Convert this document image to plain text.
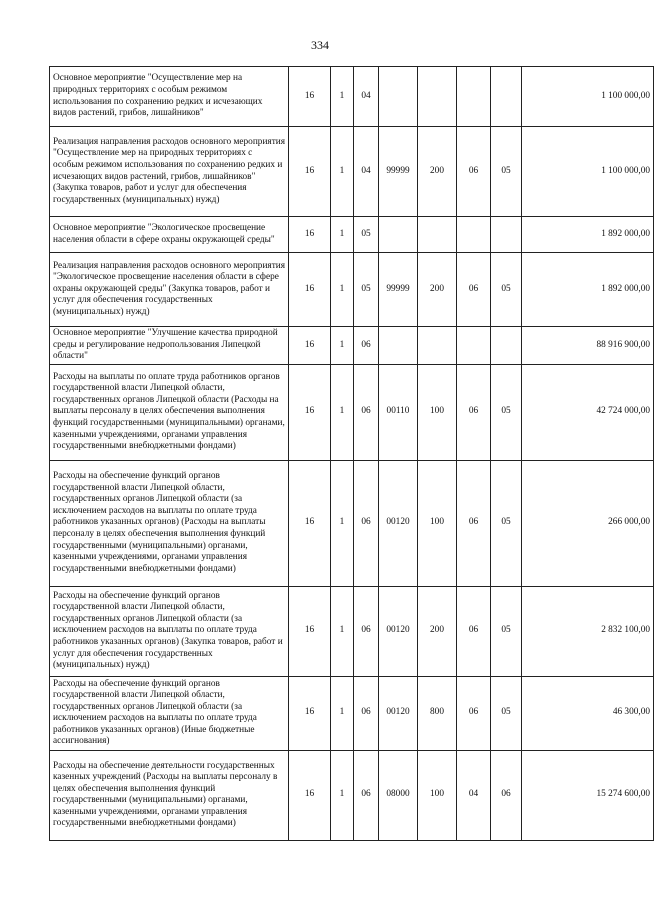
334
Основное мероприятие "Осуществление мер на природных территориях с особым режимом использования по сохранению редких и исчезающих видов растений, грибов, лишайников"	16	1	04					1 100 000,00
Реализация направления расходов основного мероприятия "Осуществление мер на природных территориях с особым режимом использования по сохранению редких и исчезающих видов растений, грибов, лишайников" (Закупка товаров, работ и услуг для обеспечения государственных (муниципальных) нужд)	16	1	04	99999	200	06	05	1 100 000,00
Основное мероприятие "Экологическое просвещение населения области в сфере охраны окружающей среды"	16	1	05					1 892 000,00
Реализация направления расходов основного мероприятия "Экологическое просвещение населения области в сфере охраны окружающей среды" (Закупка товаров, работ и услуг для обеспечения государственных (муниципальных) нужд)	16	1	05	99999	200	06	05	1 892 000,00
Основное мероприятие "Улучшение качества природной среды и регулирование недропользования Липецкой области"	16	1	06					88 916 900,00
Расходы на выплаты по оплате труда работников органов государственной власти Липецкой области, государственных органов Липецкой области (Расходы на выплаты персоналу в целях обеспечения выполнения функций государственными (муниципальными) органами, казенными учреждениями, органами управления государственными внебюджетными фондами)	16	1	06	00110	100	06	05	42 724 000,00
Расходы на обеспечение функций органов государственной власти Липецкой области, государственных органов Липецкой области (за исключением расходов на выплаты по оплате труда работников указанных органов) (Расходы на выплаты персоналу в целях обеспечения выполнения функций государственными (муниципальными) органами, казенными учреждениями, органами управления государственными внебюджетными фондами)	16	1	06	00120	100	06	05	266 000,00
Расходы на обеспечение функций органов государственной власти Липецкой области, государственных органов Липецкой области (за исключением расходов на выплаты по оплате труда работников указанных органов) (Закупка товаров, работ и услуг для обеспечения государственных (муниципальных) нужд)	16	1	06	00120	200	06	05	2 832 100,00
Расходы на обеспечение функций органов государственной власти Липецкой области, государственных органов Липецкой области (за исключением расходов на выплаты по оплате труда работников указанных органов) (Иные бюджетные ассигнования)	16	1	06	00120	800	06	05	46 300,00
Расходы на обеспечение деятельности государственных казенных учреждений (Расходы на выплаты персоналу в целях обеспечения выполнения функций государственными (муниципальными) органами, казенными учреждениями, органами управления государственными внебюджетными фондами)	16	1	06	08000	100	04	06	15 274 600,00
